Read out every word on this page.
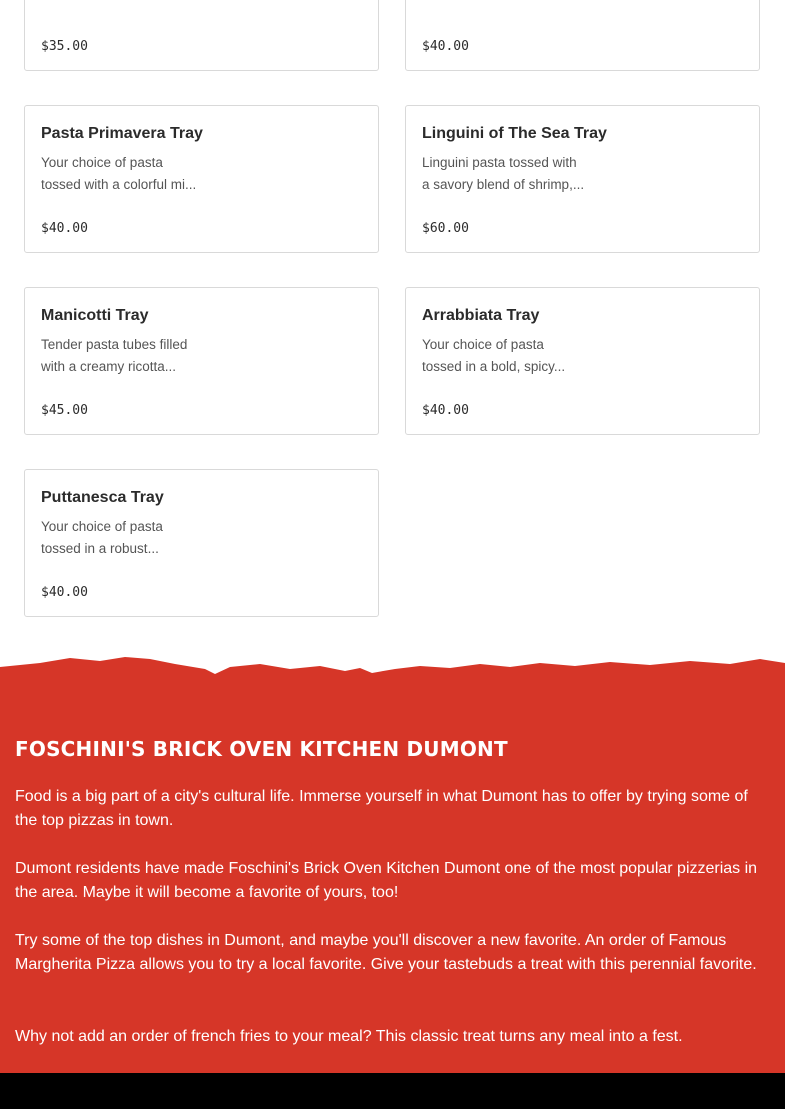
$35.00	$40.00
Pasta Primavera Tray
Your choice of pasta
tossed with a colorful mi...
$40.00
Linguini of The Sea Tray
Linguini pasta tossed with
a savory blend of shrimp,...
$60.00
Manicotti Tray
Tender pasta tubes filled
with a creamy ricotta...
$45.00
Arrabbiata Tray
Your choice of pasta
tossed in a bold, spicy...
$40.00
Puttanesca Tray
Your choice of pasta
tossed in a robust...
$40.00
FOSCHINI'S BRICK OVEN KITCHEN DUMONT

Food is a big part of a city's cultural life. Immerse yourself in what Dumont has to offer by trying some of the top pizzas in town.

Dumont residents have made Foschini's Brick Oven Kitchen Dumont one of the most popular pizzerias in the area. Maybe it will become a favorite of yours, too!

Try some of the top dishes in Dumont, and maybe you'll discover a new favorite. An order of Famous Margherita Pizza allows you to try a local favorite. Give your tastebuds a treat with this perennial favorite.

Why not add an order of french fries to your meal? This classic treat turns any meal into a fest.
